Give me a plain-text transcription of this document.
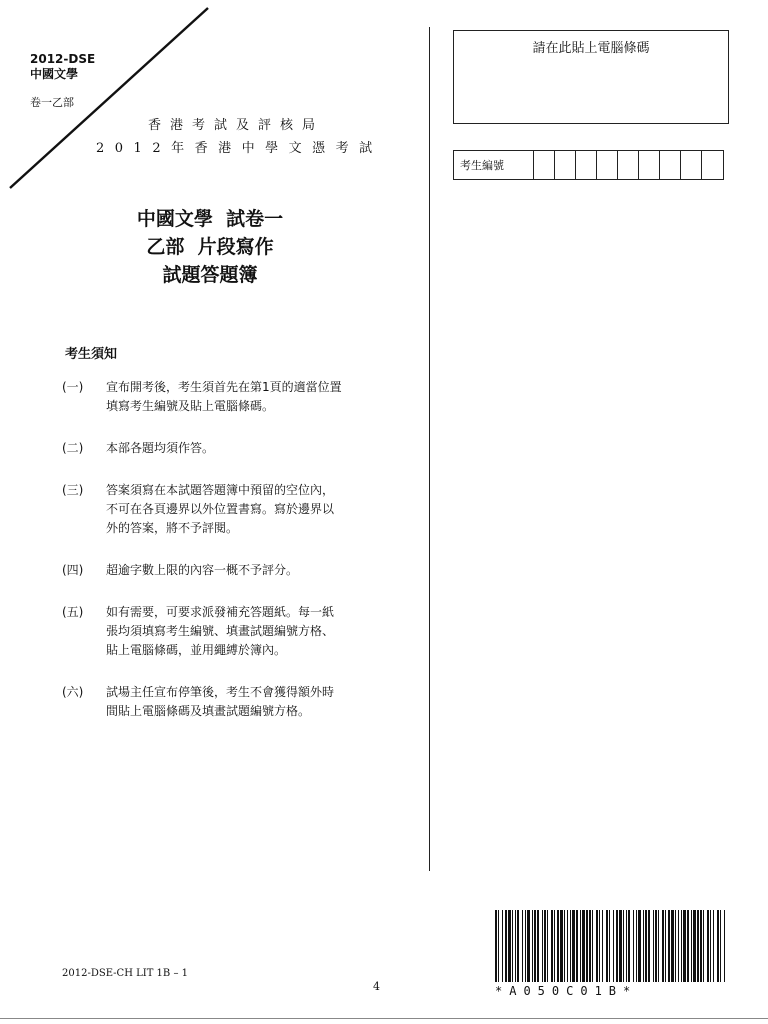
2012-DSE
中國文學
卷一乙部
香港考試及評核局
2012年香港中學文憑考試
中國文學  試卷一
乙部  片段寫作
試題答題簿
考生須知
(一)	宣布開考後，考生須首先在第1頁的適當位置
填寫考生編號及貼上電腦條碼。
(二)	本部各題均須作答。
(三)	答案須寫在本試題答題簿中預留的空位內，
不可在各頁邊界以外位置書寫。寫於邊界以
外的答案，將不予評閱。
(四)	超逾字數上限的內容一概不予評分。
(五)	如有需要，可要求派發補充答題紙。每一紙
張均須填寫考生編號、填畫試題編號方格、
貼上電腦條碼，並用繩縛於簿內。
(六)	試場主任宣布停筆後，考生不會獲得額外時
間貼上電腦條碼及填畫試題編號方格。
請在此貼上電腦條碼
考生編號
2012-DSE-CH LIT 1B – 1
4	*A050C01B*
